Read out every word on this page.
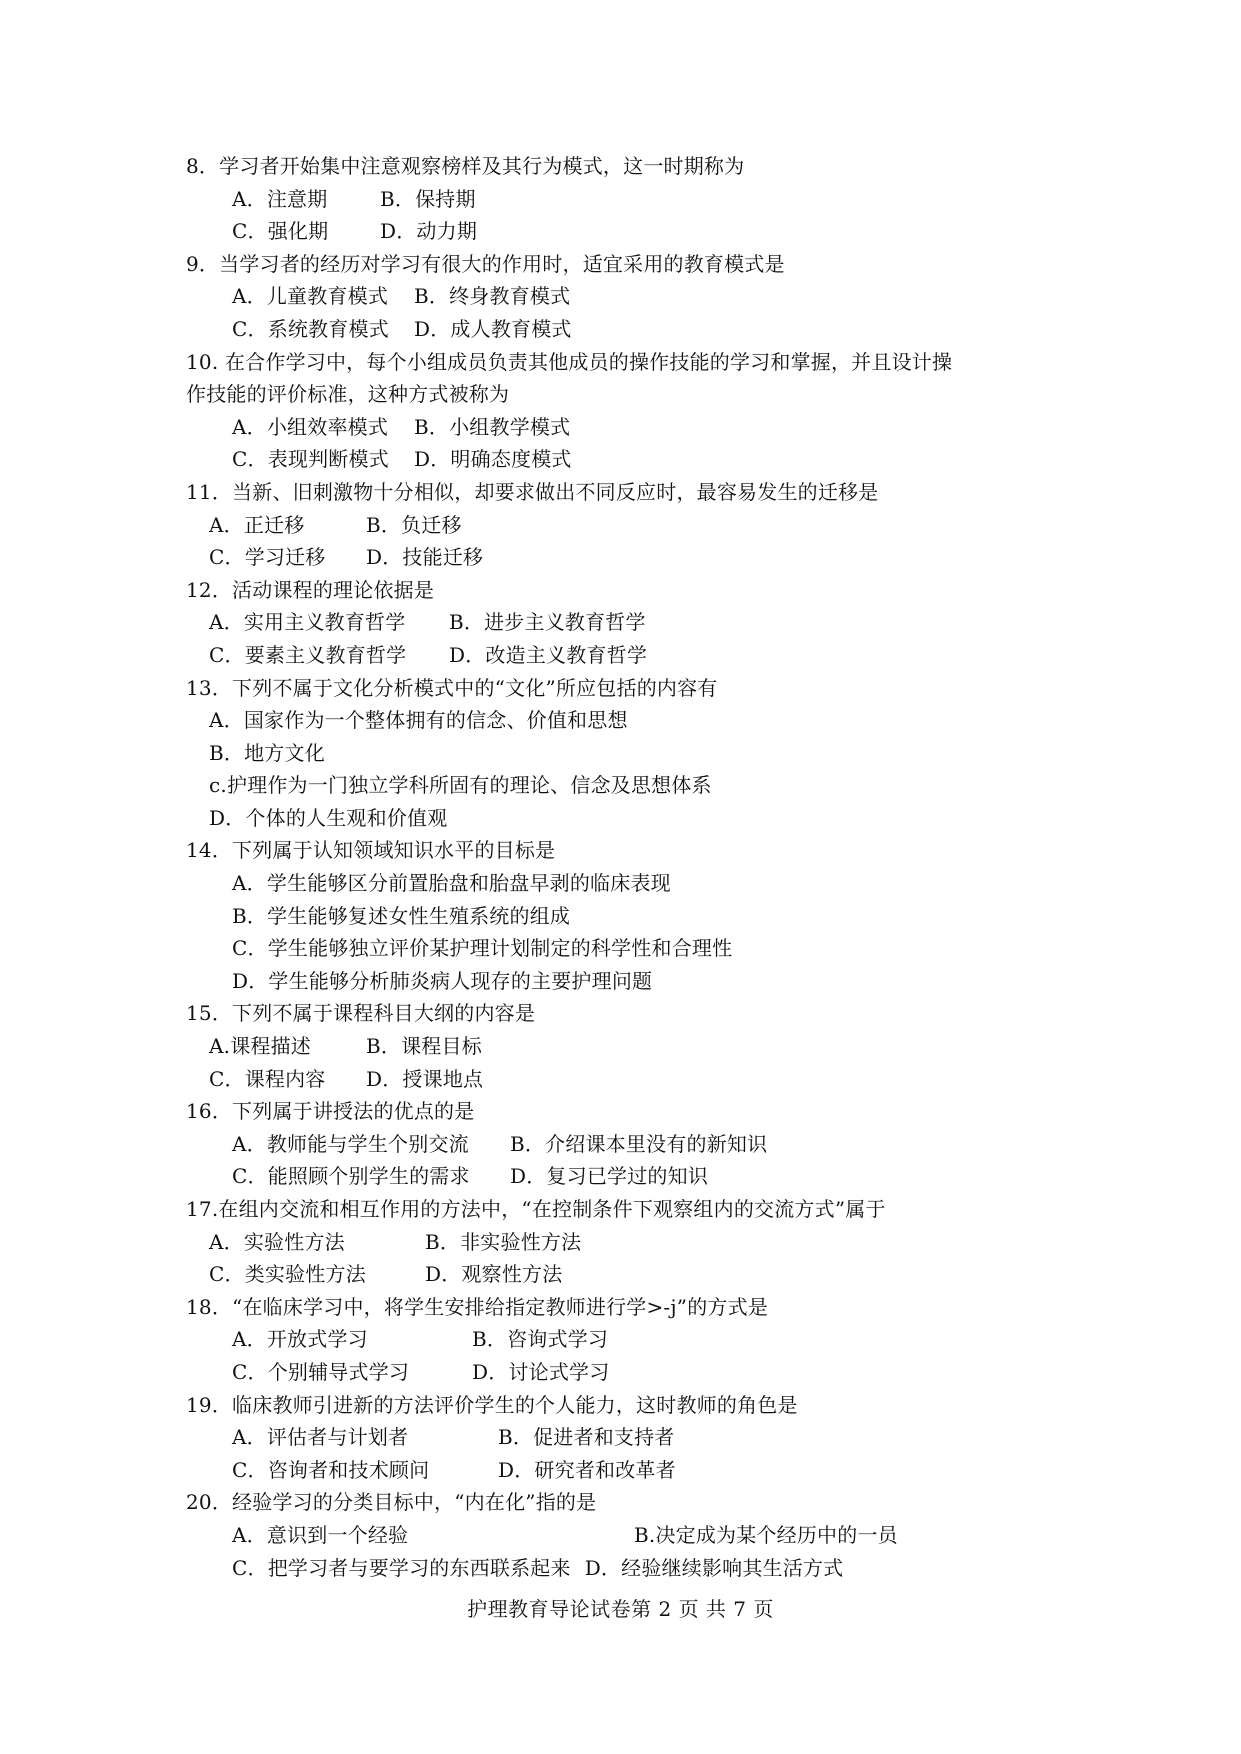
8．学习者开始集中注意观察榜样及其行为模式，这一时期称为

A．注意期	B．保持期
C．强化期	D．动力期

9．当学习者的经历对学习有很大的作用时，适宜采用的教育模式是

A．儿童教育模式	B．终身教育模式
C．系统教育模式	D．成人教育模式

10. 在合作学习中，每个小组成员负责其他成员的操作技能的学习和掌握，并且设计操

作技能的评价标准，这种方式被称为

A．小组效率模式	B．小组教学模式
C．表现判断模式	D．明确态度模式

11．当新、旧刺激物十分相似，却要求做出不同反应时，最容易发生的迁移是

A．正迁移	B．负迁移
C．学习迁移	D．技能迁移

12．活动课程的理论依据是

A．实用主义教育哲学	B．进步主义教育哲学
C．要素主义教育哲学	D．改造主义教育哲学

13．下列不属于文化分析模式中的“文化”所应包括的内容有

A．国家作为一个整体拥有的信念、价值和思想

B．地方文化

c.护理作为一门独立学科所固有的理论、信念及思想体系

D．个体的人生观和价值观

14．下列属于认知领域知识水平的目标是

A．学生能够区分前置胎盘和胎盘早剥的临床表现

B．学生能够复述女性生殖系统的组成

C．学生能够独立评价某护理计划制定的科学性和合理性

D．学生能够分析肺炎病人现存的主要护理问题

15．下列不属于课程科目大纲的内容是

A.课程描述	B．课程目标
C．课程内容	D．授课地点

16．下列属于讲授法的优点的是

A．教师能与学生个别交流	B．介绍课本里没有的新知识
C．能照顾个别学生的需求	D．复习已学过的知识

17.在组内交流和相互作用的方法中，“在控制条件下观察组内的交流方式”属于

A．实验性方法	B．非实验性方法
C．类实验性方法	D．观察性方法

18．“在临床学习中，将学生安排给指定教师进行学>-j”的方式是

A．开放式学习	B．咨询式学习
C．个别辅导式学习	D．讨论式学习

19．临床教师引进新的方法评价学生的个人能力，这时教师的角色是

A．评估者与计划者	B．促进者和支持者
C．咨询者和技术顾问	D．研究者和改革者

20．经验学习的分类目标中，“内在化”指的是

A．意识到一个经验	B.决定成为某个经历中的一员
C．把学习者与要学习的东西联系起来 D．经验继续影响其生活方式
护理教育导论试卷第 2 页 共 7 页
